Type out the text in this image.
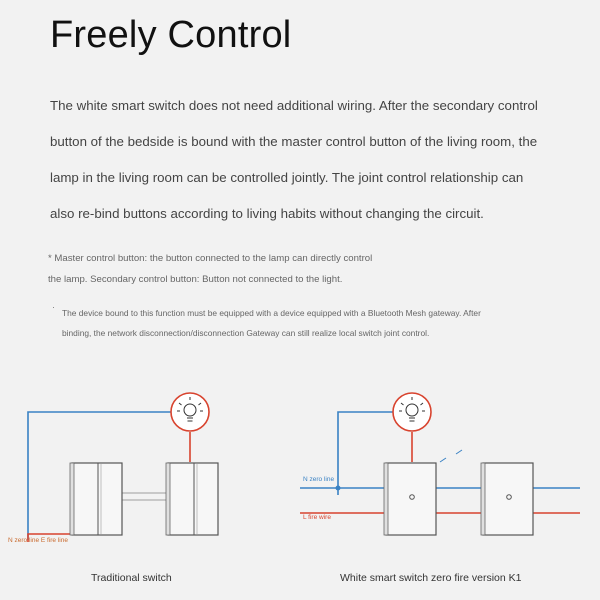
Freely Control
The white smart switch does not need additional wiring. After the secondary control
button of the bedside is bound with the master control button of the living room, the
lamp in the living room can be controlled jointly. The joint control relationship can
also re-bind buttons according to living habits without changing the circuit.
* Master control button: the button connected to the lamp can directly control
the lamp. Secondary control button: Button not connected to the light.
·
The device bound to this function must be equipped with a device equipped with a Bluetooth Mesh gateway. After
binding, the network disconnection/disconnection Gateway can still realize local switch joint control.
N zero line E fire line
N zero line
L fire wire
Traditional switch	White smart switch zero fire version K1
